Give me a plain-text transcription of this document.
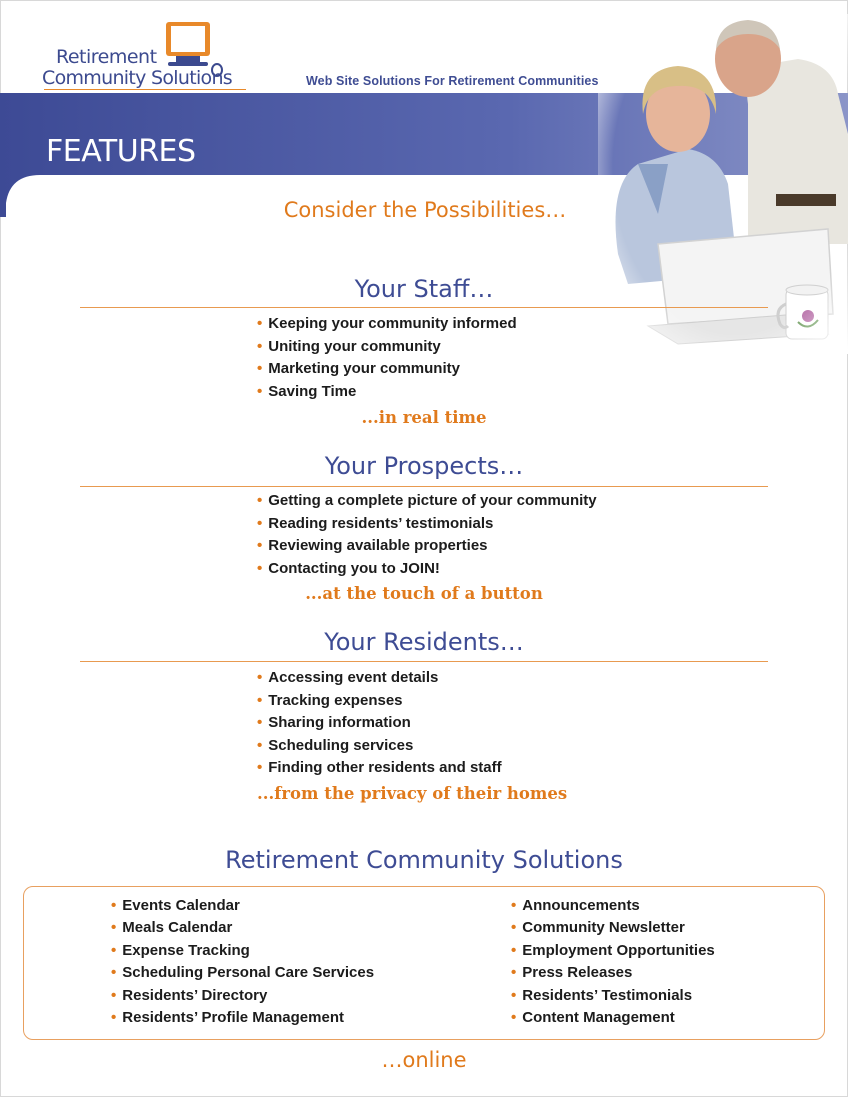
Retirement
Community Solutions	Web Site Solutions For Retirement Communities
FEATURES
Consider the Possibilities…
Your Staff…
• Keeping your community informed
• Uniting your community
• Marketing your community
• Saving Time
...in real time
Your Prospects…
• Getting a complete picture of your community
• Reading residents’ testimonials
• Reviewing available properties
• Contacting you to JOIN!
...at the touch of a button
Your Residents…
• Accessing event details
• Tracking expenses
• Sharing information
• Scheduling services
• Finding other residents and staff
...from the privacy of their homes
Retirement Community Solutions
• Events Calendar
• Meals Calendar
• Expense Tracking
• Scheduling Personal Care Services
• Residents’ Directory
• Residents’ Profile Management
• Announcements
• Community Newsletter
• Employment Opportunities
• Press Releases
• Residents’ Testimonials
• Content Management
…online
